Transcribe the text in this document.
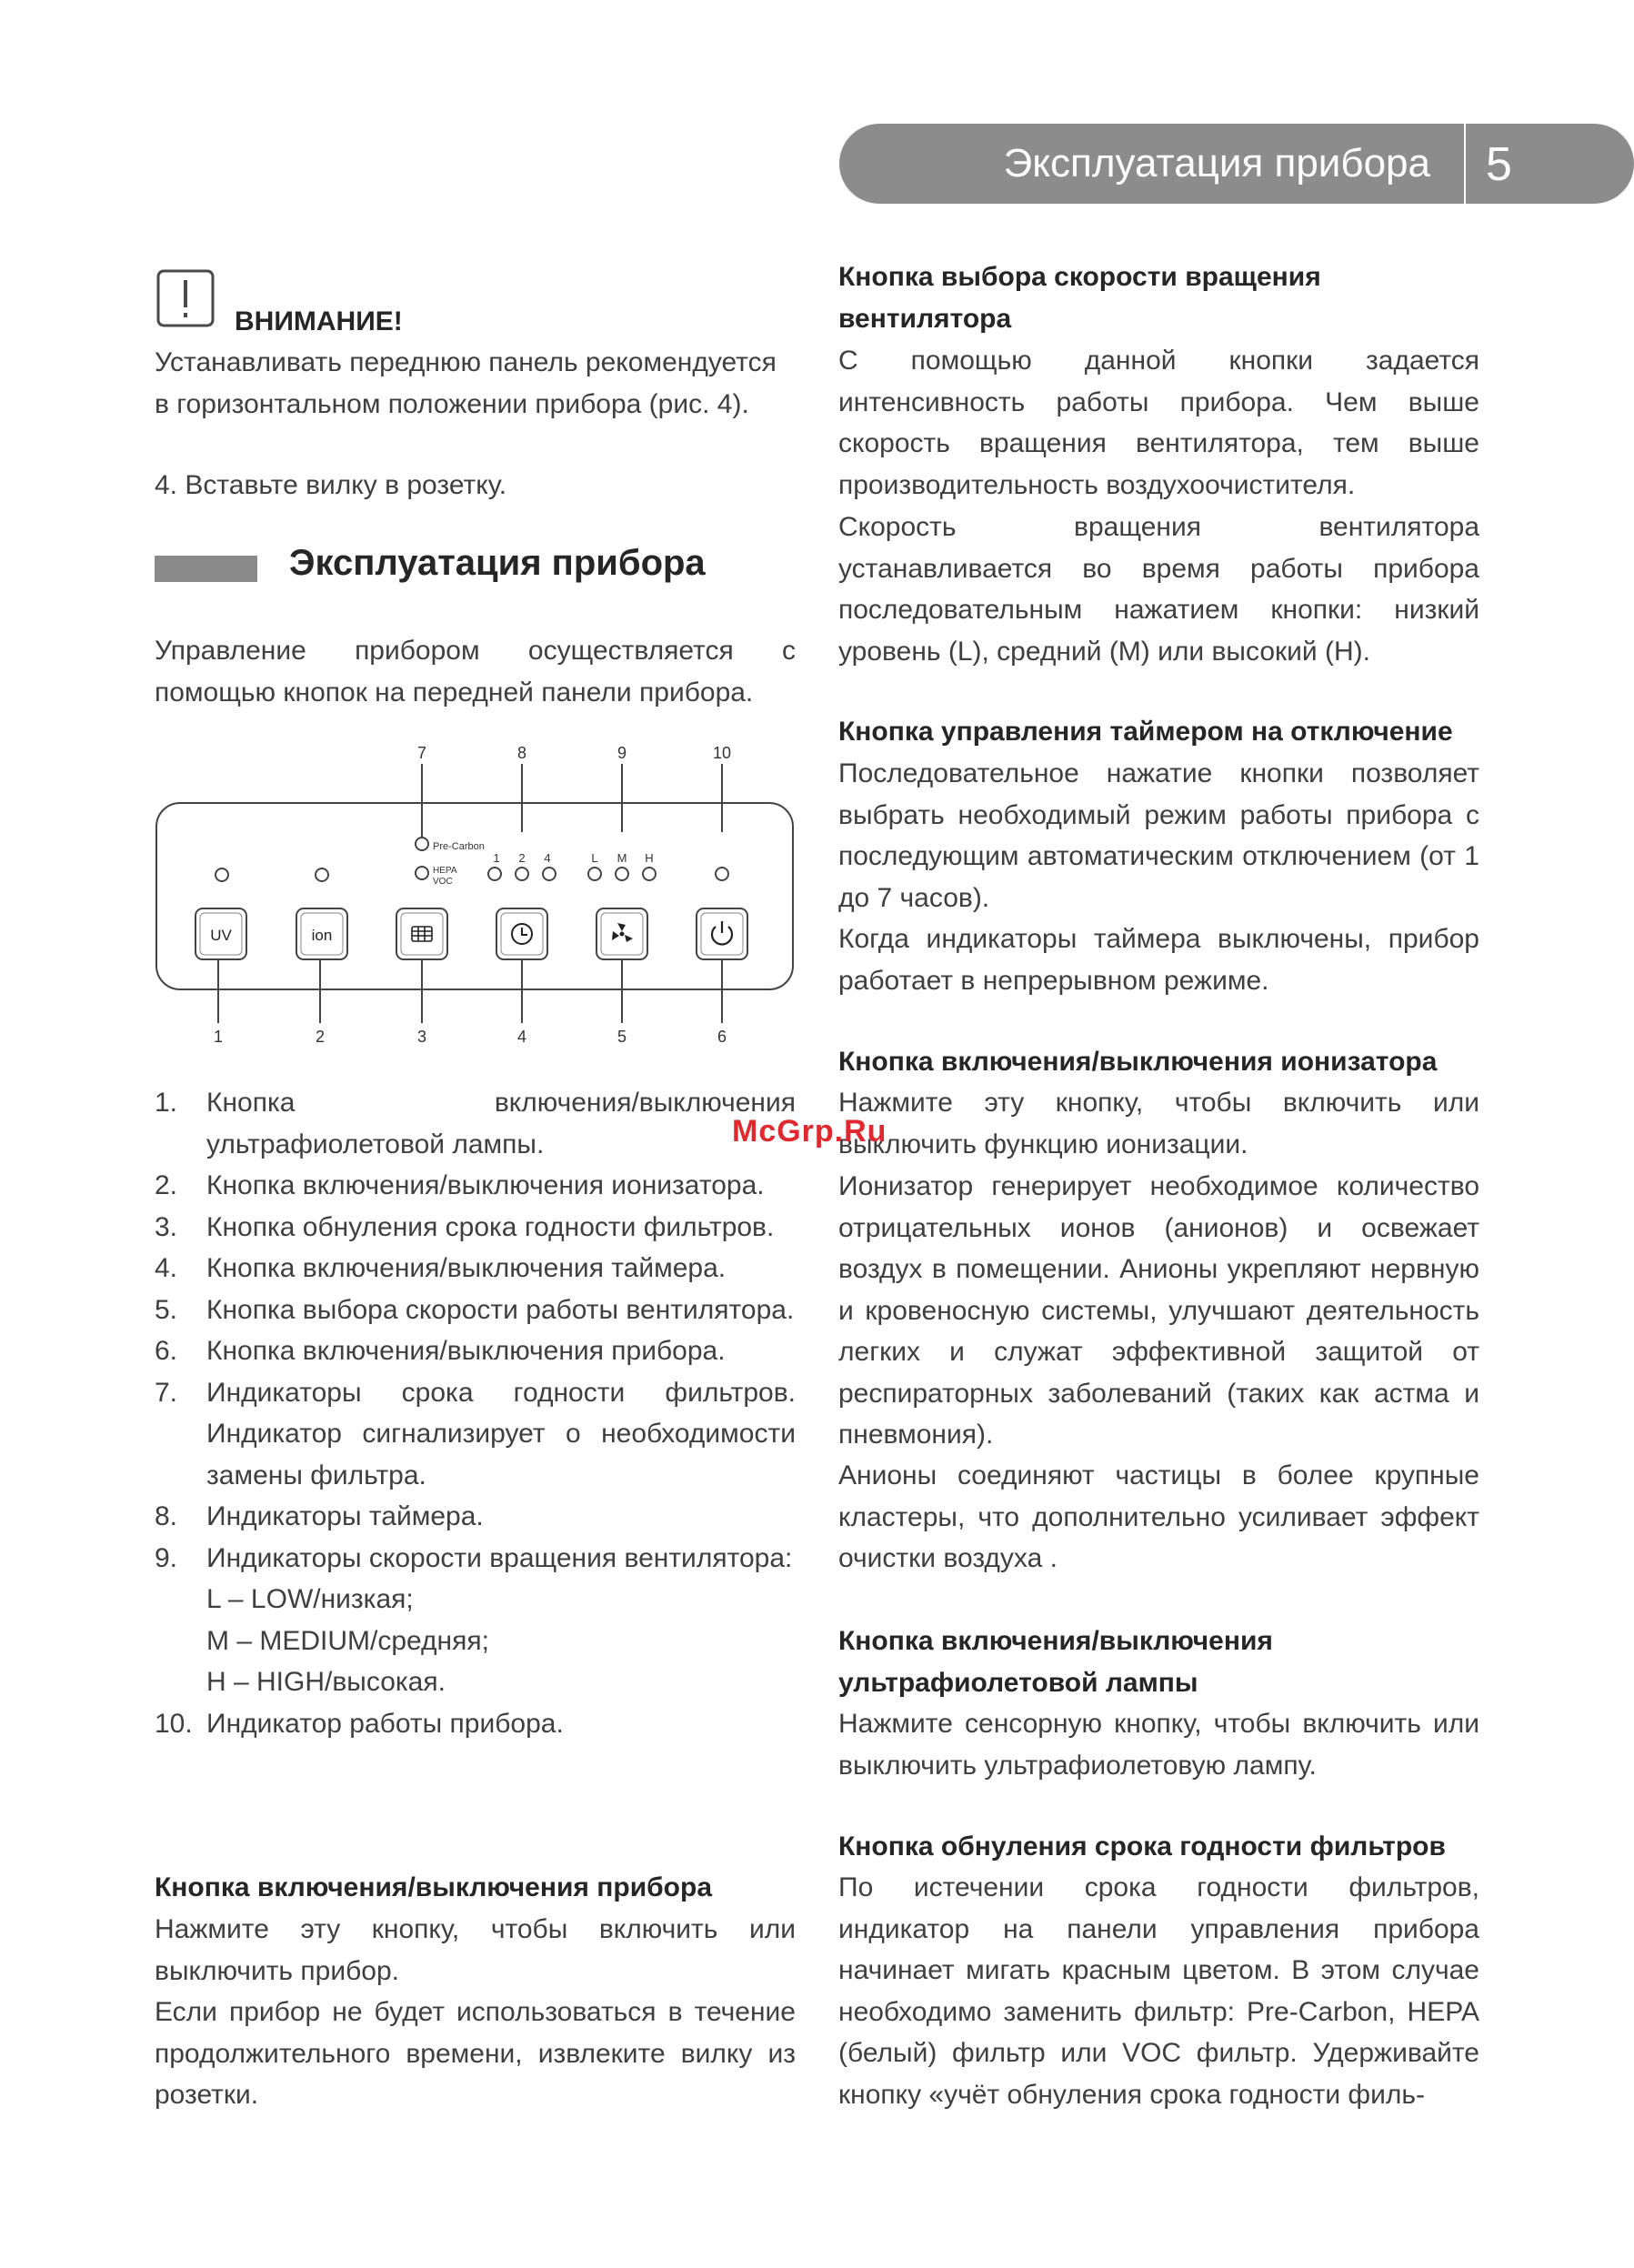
Эксплуатация прибора 5
ВНИМАНИЕ!
Устанавливать переднюю панель рекомендуется в горизонтальном положении прибора (рис. 4).
4. Вставьте вилку в розетку.
Эксплуатация прибора
Управление прибором осуществляется с помощью кнопок на передней панели прибора.
7	8	9	10
1	2	3	4	5	6
Pre-Carbon
HEPA
VOC
1 2 4	L M H
UV	ion
1. Кнопка включения/выключения ультрафиолетовой лампы.
2. Кнопка включения/выключения ионизатора.
3. Кнопка обнуления срока годности фильтров.
4. Кнопка включения/выключения таймера.
5. Кнопка выбора скорости работы вентилятора.
6. Кнопка включения/выключения прибора.
7. Индикаторы срока годности фильтров. Индикатор сигнализирует о необходимости замены фильтра.
8. Индикаторы таймера.
9. Индикаторы скорости вращения вентилятора:
L – LOW/низкая;
M – MEDIUM/средняя;
H – HIGH/высокая.
10. Индикатор работы прибора.
Кнопка включения/выключения прибора
Нажмите эту кнопку, чтобы включить или выключить прибор.
Если прибор не будет использоваться в течение продолжительного времени, извлеките вилку из розетки.
Кнопка выбора скорости вращения вентилятора
С помощью данной кнопки задается интенсивность работы прибора. Чем выше скорость вращения вентилятора, тем выше производительность воздухоочистителя.
Скорость вращения вентилятора устанавливается во время работы прибора последовательным нажатием кнопки: низкий уровень (L), средний (M) или высокий (H).
Кнопка управления таймером на отключение
Последовательное нажатие кнопки позволяет выбрать необходимый режим работы прибора с последующим автоматическим отключением (от 1 до 7 часов).
Когда индикаторы таймера выключены, прибор работает в непрерывном режиме.
Кнопка включения/выключения ионизатора
Нажмите эту кнопку, чтобы включить или выключить функцию ионизации.
Ионизатор генерирует необходимое количество отрицательных ионов (анионов) и освежает воздух в помещении. Анионы укрепляют нервную и кровеносную системы, улучшают деятельность легких и служат эффективной защитой от респираторных заболеваний (таких как астма и пневмония).
Анионы соединяют частицы в более крупные кластеры, что дополнительно усиливает эффект очистки воздуха .
Кнопка включения/выключения ультрафиолетовой лампы
Нажмите сенсорную кнопку, чтобы включить или выключить ультрафиолетовую лампу.
Кнопка обнуления срока годности фильтров
По истечении срока годности фильтров, индикатор на панели управления прибора начинает мигать красным цветом. В этом случае необходимо заменить фильтр: Pre-Carbon, HEPA (белый) фильтр или VOC фильтр. Удерживайте кнопку «учёт обнуления срока годности филь-
McGrp.Ru
